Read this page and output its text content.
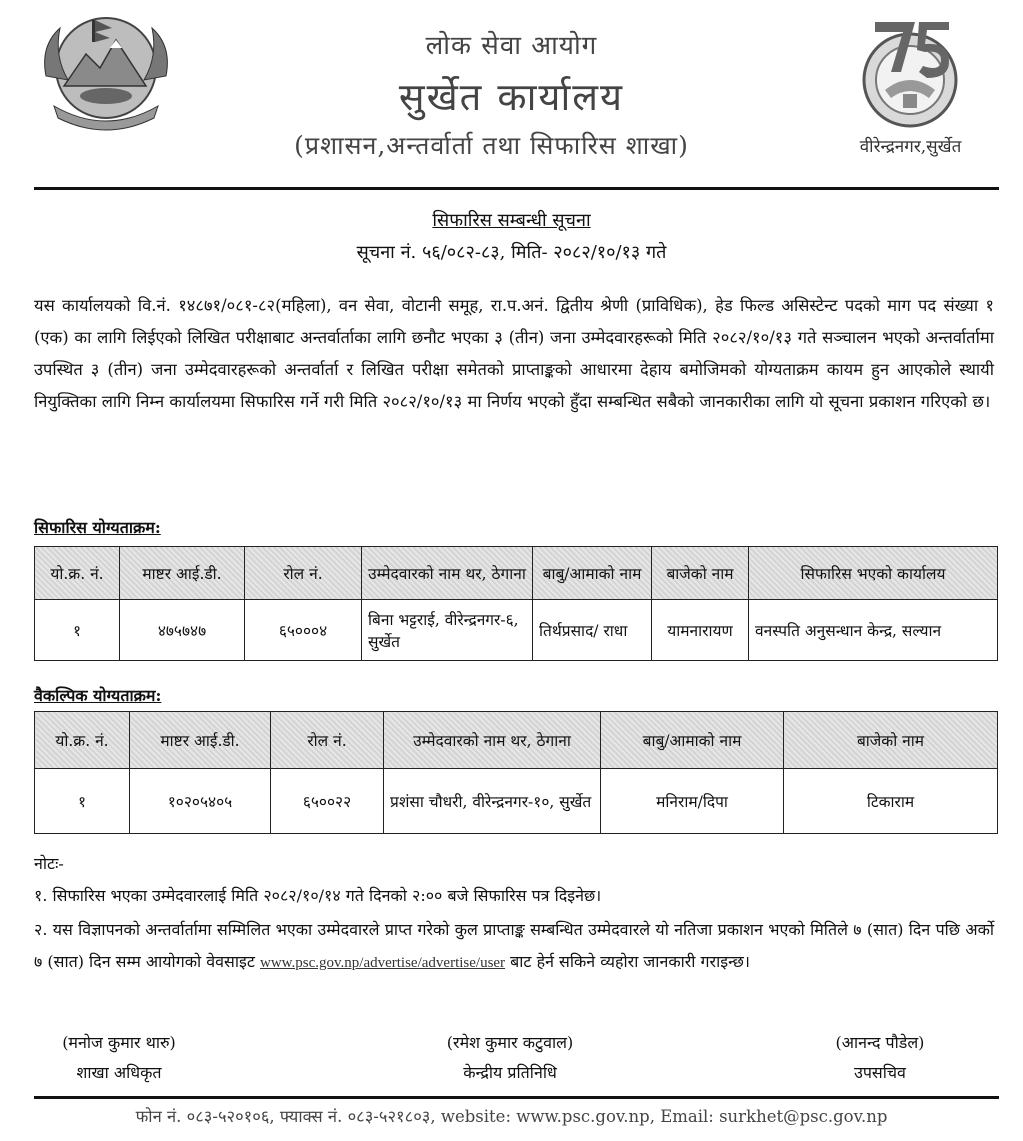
लोक सेवा आयोग
सुर्खेत कार्यालय
(प्रशासन,अन्तर्वार्ता तथा सिफारिस शाखा)	वीरेन्द्रनगर,सुर्खेत
सिफारिस सम्बन्धी सूचना
सूचना नं. ५६/०८२-८३, मिति- २०८२/१०/१३ गते
यस कार्यालयको वि.नं. १४८७१/०८१-८२(महिला), वन सेवा, वोटानी समूह, रा.प.अनं. द्वितीय श्रेणी (प्राविधिक), हेड फिल्ड असिस्टेन्ट पदको माग पद संख्या १ (एक) का लागि लिईएको लिखित परीक्षाबाट अन्तर्वार्ताका लागि छनौट भएका ३ (तीन) जना उम्मेदवारहरूको मिति २०८२/१०/१३ गते सञ्चालन भएको अन्तर्वार्तामा उपस्थित ३ (तीन) जना उम्मेदवारहरूको अन्तर्वार्ता र लिखित परीक्षा समेतको प्राप्ताङ्कको आधारमा देहाय बमोजिमको योग्यताक्रम कायम हुन आएकोले स्थायी नियुक्तिका लागि निम्न कार्यालयमा सिफारिस गर्ने गरी मिति २०८२/१०/१३ मा निर्णय भएको हुँदा सम्बन्धित सबैको जानकारीका लागि यो सूचना प्रकाशन गरिएको छ।
सिफारिस योग्यताक्रम:
यो.क्र. नं.	माष्टर आई.डी.	रोल नं.	उम्मेदवारको नाम थर, ठेगाना	बाबु/आमाको नाम	बाजेको नाम	सिफारिस भएको कार्यालय
१	४७५७४७	६५०००४	बिना भट्टराई, वीरेन्द्रनगर-६, सुर्खेत	तिर्थप्रसाद/ राधा	यामनारायण	वनस्पति अनुसन्धान केन्द्र, सल्यान
वैकल्पिक योग्यताक्रम:
यो.क्र. नं.	माष्टर आई.डी.	रोल नं.	उम्मेदवारको नाम थर, ठेगाना	बाबु/आमाको नाम	बाजेको नाम
१	१०२०५४०५	६५००२२	प्रशंसा चौधरी, वीरेन्द्रनगर-१०, सुर्खेत	मनिराम/दिपा	टिकाराम
नोटः-
१. सिफारिस भएका उम्मेदवारलाई मिति २०८२/१०/१४ गते दिनको २:०० बजे सिफारिस पत्र दिइनेछ।
२. यस विज्ञापनको अन्तर्वार्तामा सम्मिलित भएका उम्मेदवारले प्राप्त गरेको कुल प्राप्ताङ्क सम्बन्धित उम्मेदवारले यो नतिजा प्रकाशन भएको मितिले ७ (सात) दिन पछि अर्को ७ (सात) दिन सम्म आयोगको वेवसाइट www.psc.gov.np/advertise/advertise/user बाट हेर्न सकिने व्यहोरा जानकारी गराइन्छ।
(मनोज कुमार थारु)
शाखा अधिकृत
(रमेश कुमार कटुवाल)
केन्द्रीय प्रतिनिधि
(आनन्द पौडेल)
उपसचिव
फोन नं. ०८३-५२०१०६, फ्याक्स नं. ०८३-५२१८०३, website: www.psc.gov.np, Email: surkhet@psc.gov.np
